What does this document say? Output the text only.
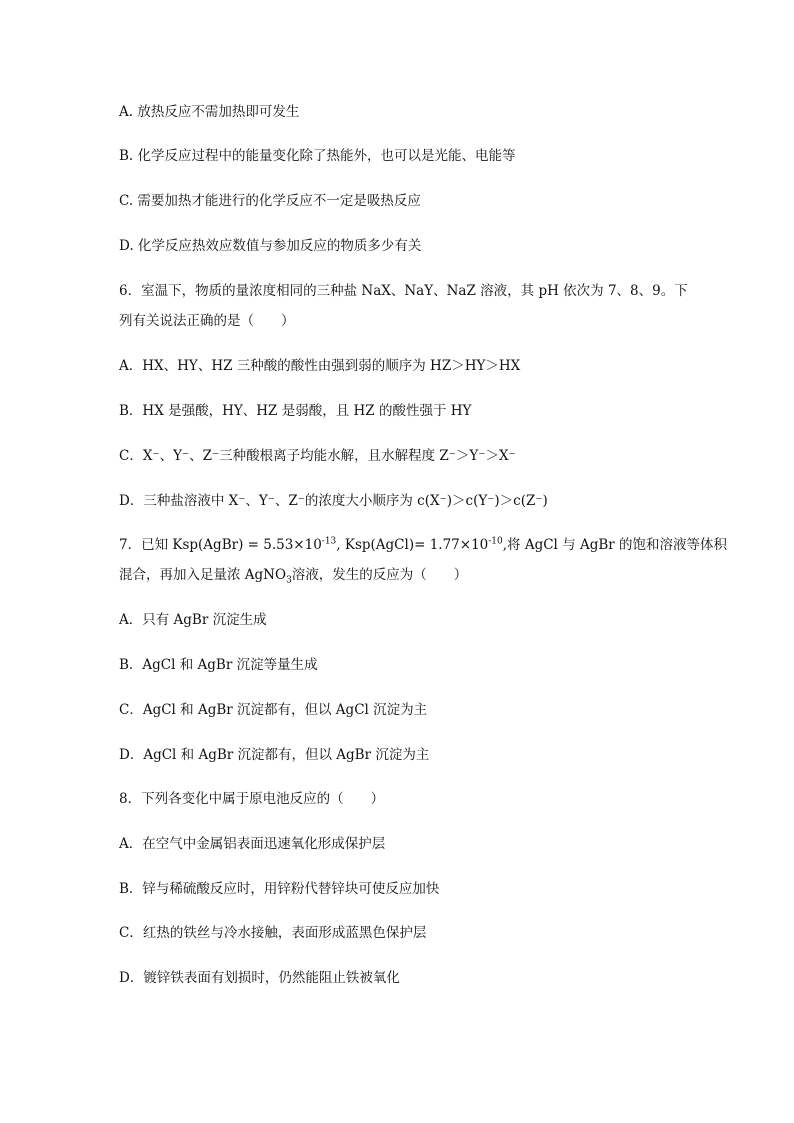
A. 放热反应不需加热即可发生
B. 化学反应过程中的能量变化除了热能外，也可以是光能、电能等
C. 需要加热才能进行的化学反应不一定是吸热反应
D. 化学反应热效应数值与参加反应的物质多少有关
6．室温下，物质的量浓度相同的三种盐 NaX、NaY、NaZ 溶液，其 pH 依次为 7、8、9。下
列有关说法正确的是（　　）
A．HX、HY、HZ 三种酸的酸性由强到弱的顺序为 HZ＞HY＞HX
B．HX 是强酸，HY、HZ 是弱酸，且 HZ 的酸性强于 HY
C．X⁻、Y⁻、Z⁻三种酸根离子均能水解，且水解程度 Z⁻＞Y⁻＞X⁻
D．三种盐溶液中 X⁻、Y⁻、Z⁻的浓度大小顺序为 c(X⁻)＞c(Y⁻)＞c(Z⁻)
7．已知 Ksp(AgBr) = $5.53\times 10^{-13}$, Ksp(AgCl)= $1.77\times 10^{-10}$,将 AgCl 与 AgBr 的饱和溶液等体积
混合，再加入足量浓 AgNO$_3$溶液，发生的反应为（　　）
A．只有 AgBr 沉淀生成
B．AgCl 和 AgBr 沉淀等量生成
C．AgCl 和 AgBr 沉淀都有，但以 AgCl 沉淀为主
D．AgCl 和 AgBr 沉淀都有，但以 AgBr 沉淀为主
8．下列各变化中属于原电池反应的（　　）
A．在空气中金属铝表面迅速氧化形成保护层
B．锌与稀硫酸反应时，用锌粉代替锌块可使反应加快
C．红热的铁丝与冷水接触，表面形成蓝黑色保护层
D．镀锌铁表面有划损时，仍然能阻止铁被氧化
